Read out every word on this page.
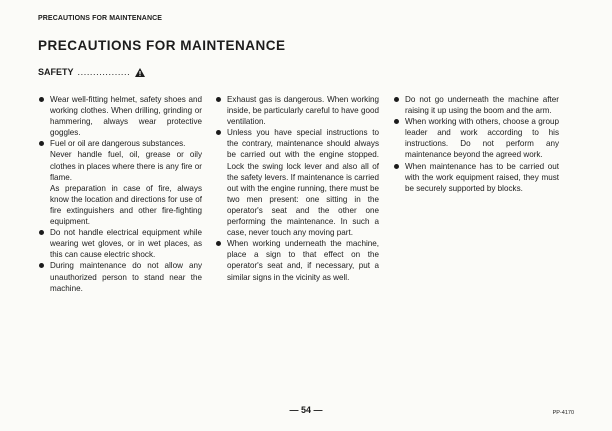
PRECAUTIONS FOR MAINTENANCE
PRECAUTIONS FOR MAINTENANCE
SAFETY .................

Wear well-fitting helmet, safety shoes and working clothes. When drilling, grinding or hammering, always wear protective goggles.

Fuel or oil are dangerous substances.

Never handle fuel, oil, grease or oily clothes in places where there is any fire or flame.

As preparation in case of fire, always know the location and directions for use of fire extinguishers and other fire-fighting equipment.

Do not handle electrical equipment while wearing wet gloves, or in wet places, as this can cause electric shock.

During maintenance do not allow any unauthorized person to stand near the machine.

Exhaust gas is dangerous. When working inside, be particularly careful to have good ventilation.

Unless you have special instructions to the contrary, maintenance should always be carried out with the engine stopped. Lock the swing lock lever and also all of the safety levers. If maintenance is carried out with the engine running, there must be two men present: one sitting in the operator's seat and the other one performing the maintenance. In such a case, never touch any moving part.

When working underneath the machine, place a sign to that effect on the operator's seat and, if necessary, put a similar signs in the vicinity as well.

Do not go underneath the machine after raising it up using the boom and the arm.

When working with others, choose a group leader and work according to his instructions. Do not perform any maintenance beyond the agreed work.

When maintenance has to be carried out with the work equipment raised, they must be securely supported by blocks.

— 54 —	PP-4170
